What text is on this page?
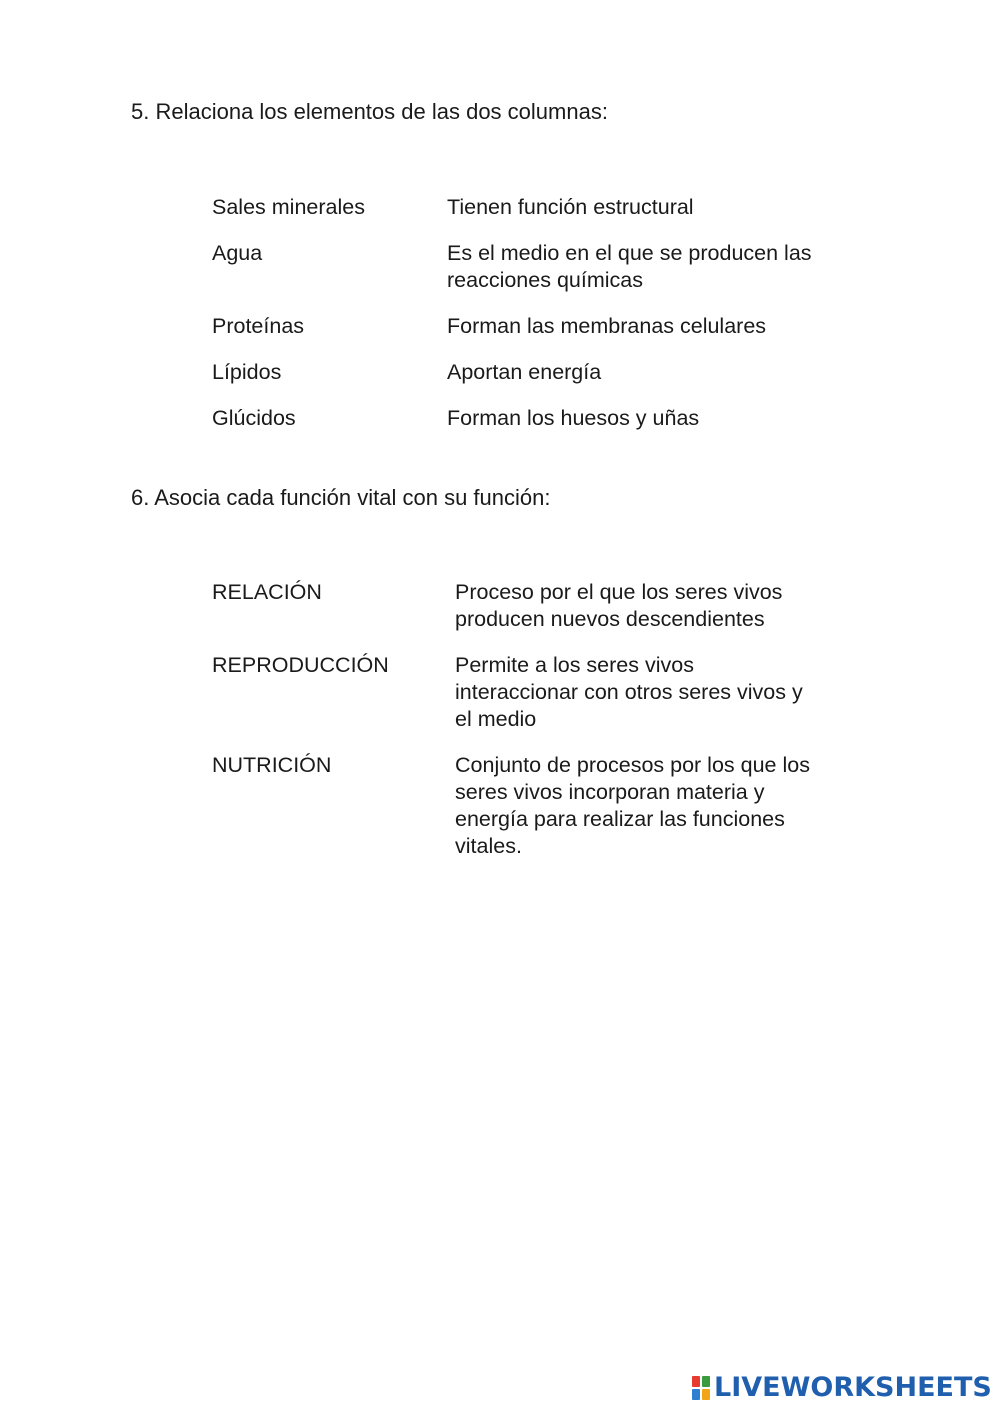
5. Relaciona los elementos de las dos columnas:
Sales minerales	Tienen función estructural
Agua	Es el medio en el que se producen las
reacciones químicas
Proteínas	Forman las membranas celulares
Lípidos	Aportan energía
Glúcidos	Forman los huesos y uñas
6. Asocia cada función vital con su función:
RELACIÓN	Proceso por el que los seres vivos
producen nuevos descendientes
REPRODUCCIÓN	Permite a los seres vivos
interaccionar con otros seres vivos y
el medio
NUTRICIÓN	Conjunto de procesos por los que los
seres vivos incorporan materia y
energía para realizar las funciones
vitales.
LIVEWORKSHEETS
